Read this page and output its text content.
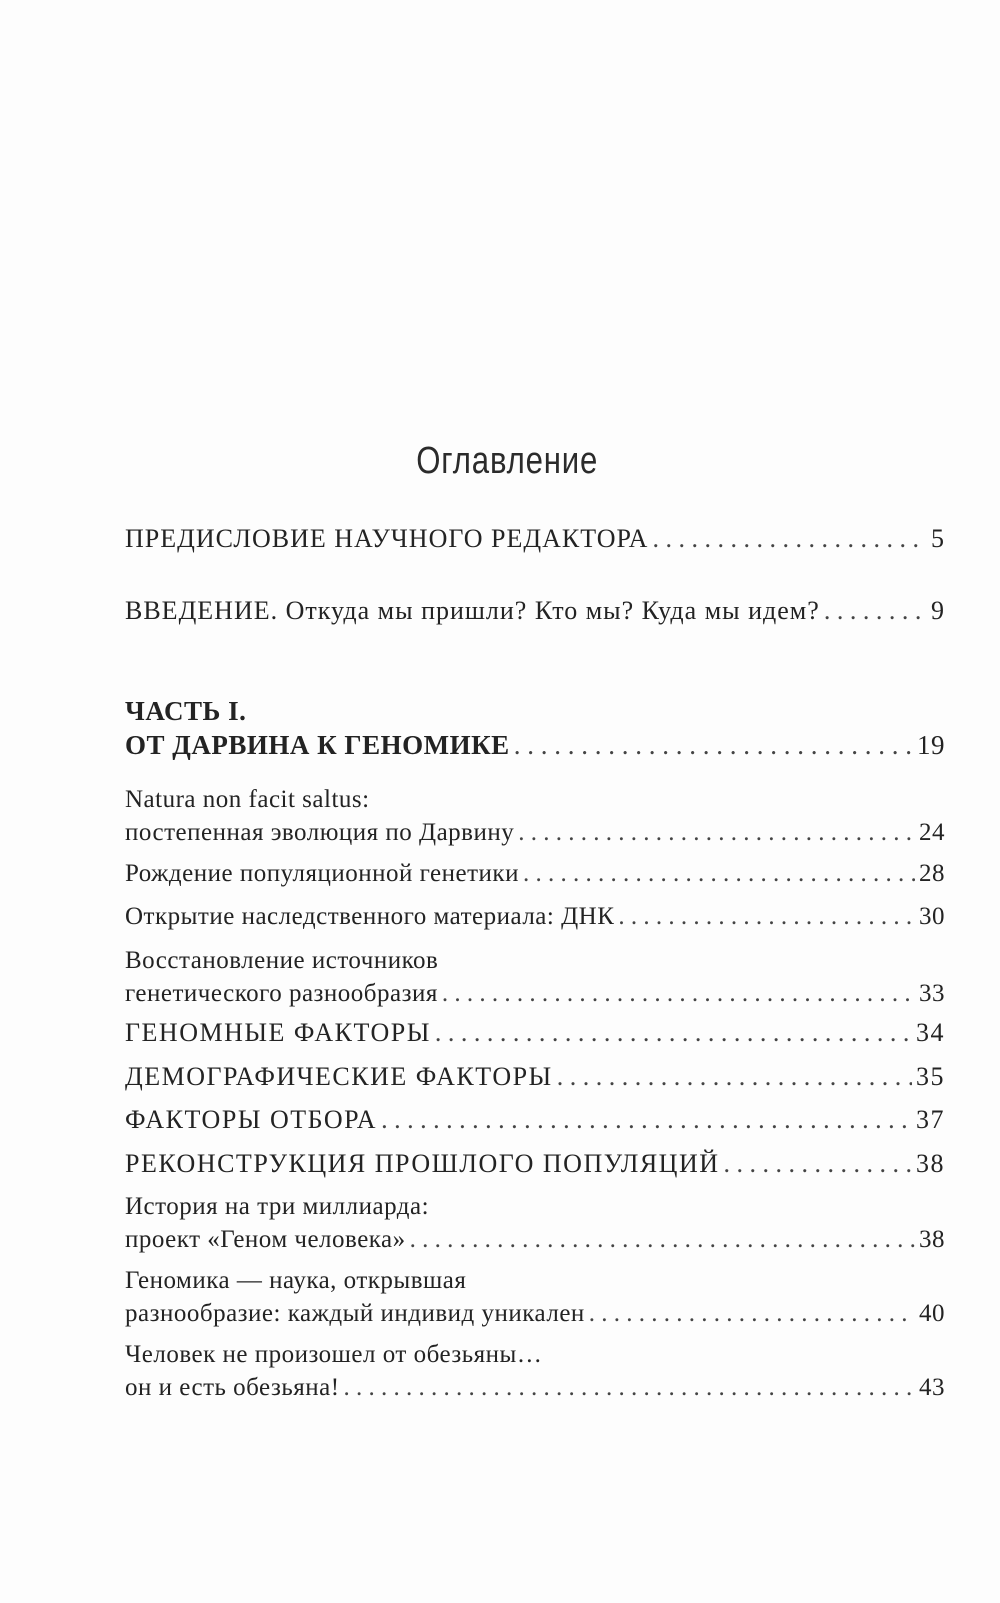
Оглавление
ПРЕДИСЛОВИЕ НАУЧНОГО РЕДАКТОРА . . .	5
ВВЕДЕНИЕ. Откуда мы пришли? Кто мы? Куда мы идем? . . .	9
ЧАСТЬ I.
ОТ ДАРВИНА К ГЕНОМИКЕ . . .	19
Natura non facit saltus:
постепенная эволюция по Дарвину . . .	24
Рождение популяционной генетики . . .	28
Открытие наследственного материала: ДНК . . .	30
Восстановление источников
генетического разнообразия . . .	33
ГЕНОМНЫЕ ФАКТОРЫ . . .	34
ДЕМОГРАФИЧЕСКИЕ ФАКТОРЫ . . .	35
ФАКТОРЫ ОТБОРА . . .	37
РЕКОНСТРУКЦИЯ ПРОШЛОГО ПОПУЛЯЦИЙ . . .	38
История на три миллиарда:
проект «Геном человека» . . .	38
Геномика — наука, открывшая
разнообразие: каждый индивид уникален . . .	40
Человек не произошел от обезьяны…
он и есть обезьяна! . . .	43
